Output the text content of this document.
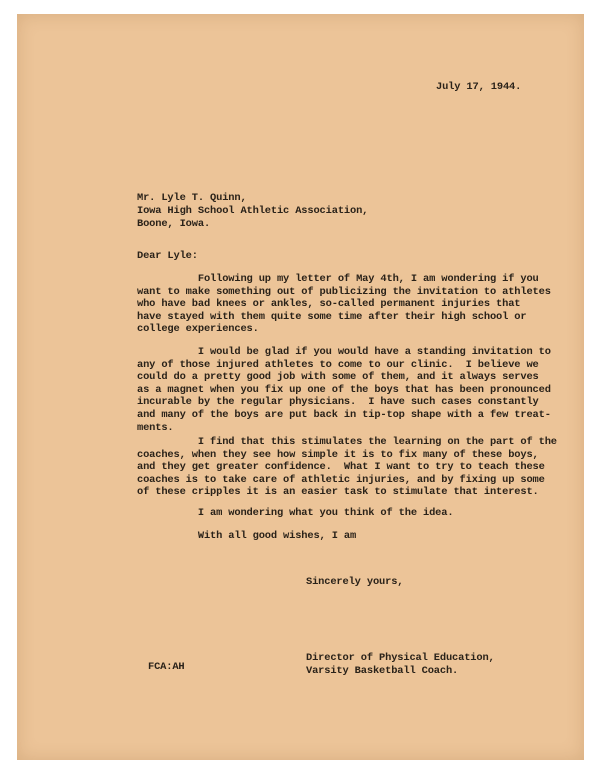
July 17, 1944.
Mr. Lyle T. Quinn,
Iowa High School Athletic Association,
Boone, Iowa.
Dear Lyle:
Following up my letter of May 4th, I am wondering if you
want to make something out of publicizing the invitation to athletes
who have bad knees or ankles, so-called permanent injuries that
have stayed with them quite some time after their high school or
college experiences.
I would be glad if you would have a standing invitation to
any of those injured athletes to come to our clinic.  I believe we
could do a pretty good job with some of them, and it always serves
as a magnet when you fix up one of the boys that has been pronounced
incurable by the regular physicians.  I have such cases constantly
and many of the boys are put back in tip-top shape with a few treat-
ments.
I find that this stimulates the learning on the part of the
coaches, when they see how simple it is to fix many of these boys,
and they get greater confidence.  What I want to try to teach these
coaches is to take care of athletic injuries, and by fixing up some
of these cripples it is an easier task to stimulate that interest.
I am wondering what you think of the idea.
With all good wishes, I am
Sincerely yours,
Director of Physical Education,
Varsity Basketball Coach.
FCA:AH
